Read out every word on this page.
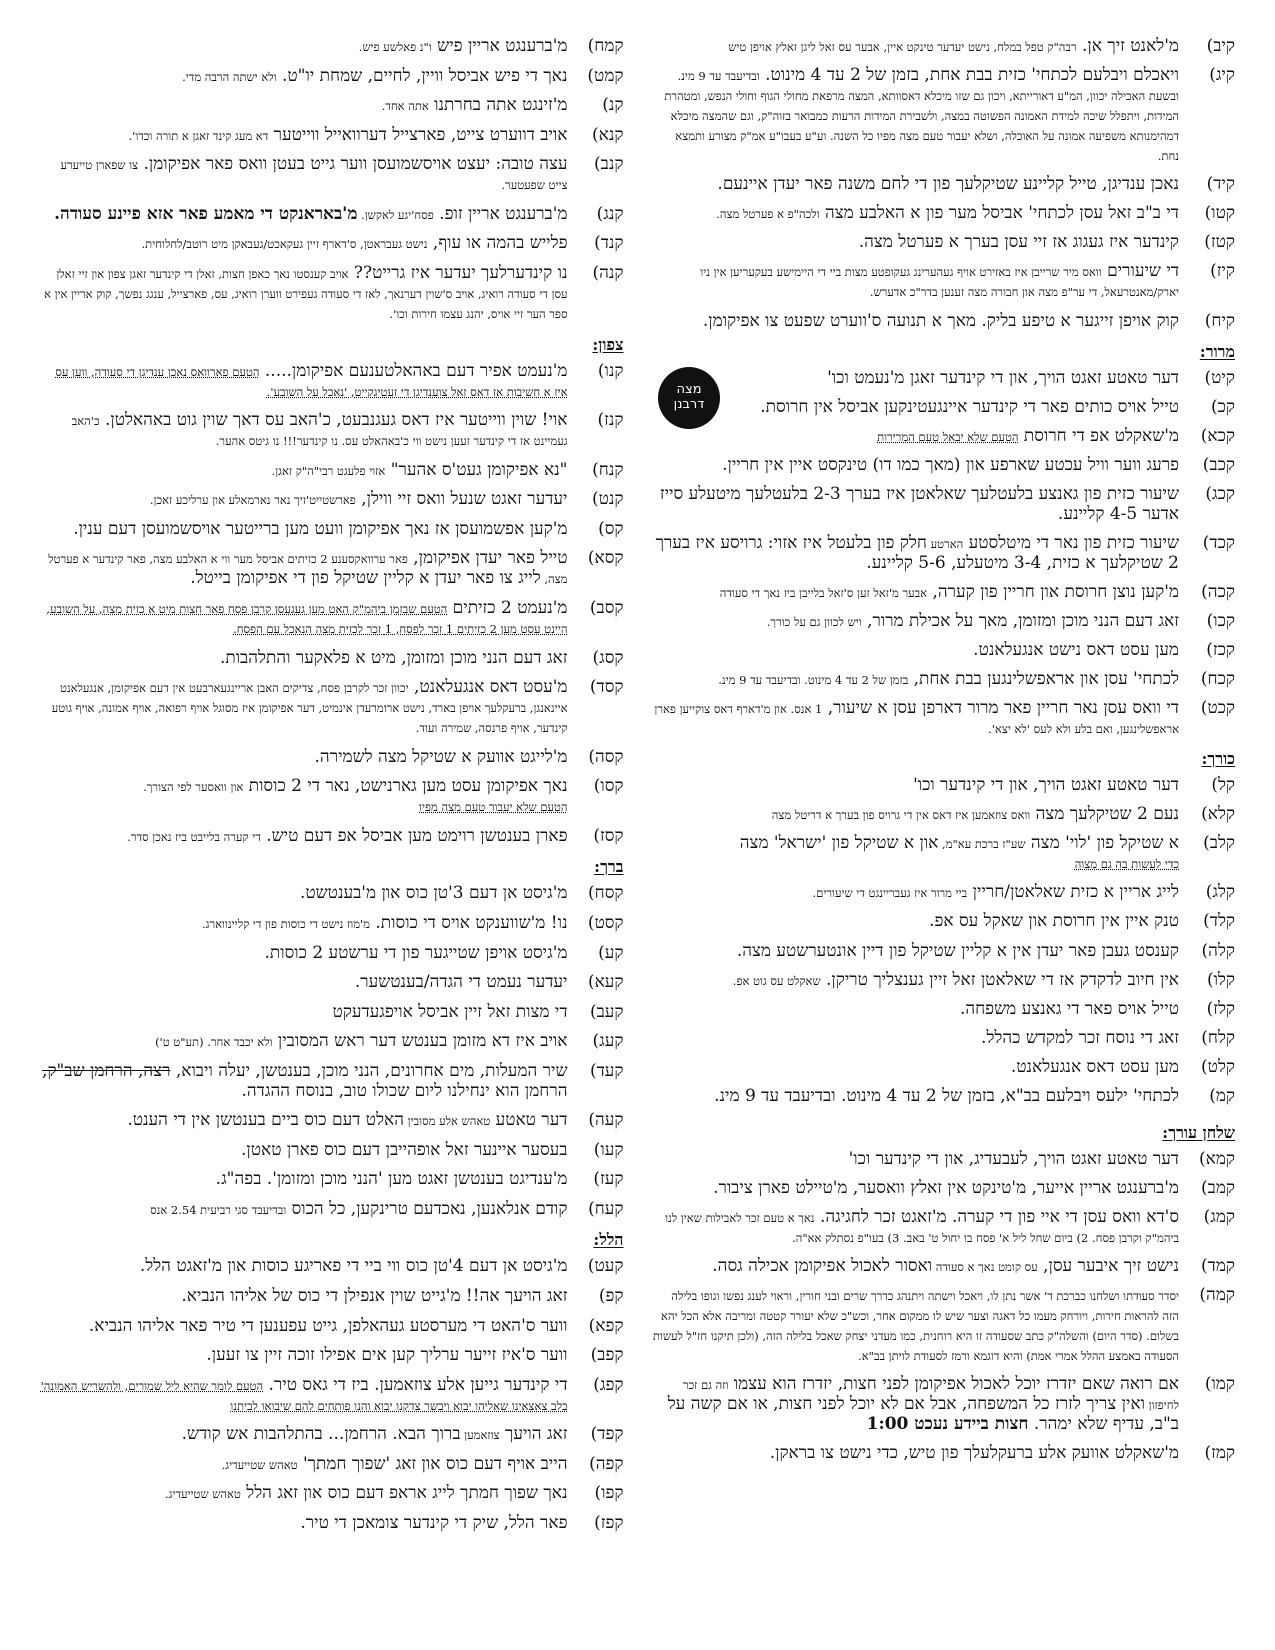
קיב)
מ'לאנט זיך אן. רבה"ק טפל במלח, נישט יעדער טינקט איין, אבער עס זאל ליגן זאלץ אויפן טיש
קיג)
ויאכלם ויבלעם לכתחי' כזית בבת אחת, בזמן של 2 עד 4 מינוט. ובדיעבד עד 9 מינ. ובשעת האכילה יכוון, המ"ע דאורייתא, ויכון גם שזו מיכלא דאסוותא, המצה מרפאת מחולי הגוף וחולי הנפש, ומטהרת המידות, ויתפלל שיכה למידת האמונה הפשוטה במצה, ולשבירת המידות הרעות כמבואר בזוה"ק, וגם שהמצה מיכלא דמהימנותא משפיעה אמונה על האוכלה, ושלא יעבור טעם מצה מפיו כל השנה. וע"ע בעבו"ע אמ"ק מצורע ותמצא נחת.
קיד)
נאכן ענדיגן, טייל קליינע שטיקלעך פון די לחם משנה פאר יעדן איינעם.
קטו)
די ב"ב זאל עסן לכתחי' אביסל מער פון א האלבע מצה ולכה"פ א פערטל מצה.
קטז)
קינדער איז געגוג אז זיי עסן בערך א פערטל מצה.
קיז)
די שיעורים וואס מיר שרייבן איז באזירט אויף געהערינג געקופטע מצות ביי די היימישע בעקעריען אין ניו יארק/מאנטרעאל, די ער"פ מצה און חבורה מצה זענען בדר"כ אדערש.
קיח)
קוק אויפן זייגער א טיפע בליק. מאך א תנועה ס'ווערט שפעט צו אפיקומן.
מרור:
קיט)
דער טאטע זאגט הויך, און די קינדער זאגן מ'נעמט וכו'
קכ)
טייל אויס כותים פאר די קינדער איינגעטינקען אביסל אין חרוסת.
קכא)
מ'שאקלט אפ די חרוסת הטעם שלא יבאל טעם המרירות
קכב)
פרעג ווער וויל עכטע שארפע און (מאך כמו דו) טינקסט איין אין חריין.
קכג)
שיעור כזית פון גאנצע בלעטלעך שאלאטן איז בערך 2-3 בלעטלעך מיטעלע סייז אדער 4-5 קליינע.
קכד)
שיעור כזית פון נאר די מיטלסטע הארטע חלק פון בלעטל איז אזוי: גרויסע איז בערך 2 שטיקלעך א כזית, 3-4 מיטעלע, 5-6 קליינע.
קכה)
מ'קען נוצן חרוסת און חריין פון קערה, אבער מ'זאל זען ס'זאל בלייבן ביז נאך די סעודה
קכו)
זאג דעם הנני מוכן ומזומן, מאך על אכילת מרור, ויש לכוון גם על כורך.
קכז)
מען עסט דאס נישט אנגעלאנט.
קכח)
לכתחי' עסן און אראפשלינגען בבת אחת, בזמן של 2 עד 4 מינוט. ובדיעבד עד 9 מינ.
קכט)
די וואס עסן נאר חריין פאר מרור דארפן עסן א שיעור, 1 אנס. און מ'דארף דאס צוקייען פארן אראפשלינגען, ואם בלע ולא לעס 'לא יצא'.
כורך:
קל)
דער טאטע זאגט הויך, און די קינדער וכו'
קלא)
נעם 2 שטיקלעך מצה וואס צוזאמען איז דאס אין די גרויס פון בערך א דריטל מצה
קלב)
א שטיקל פון 'לוי' מצה שע"ז ברכת עא"מ, און א שטיקל פון 'ישראל' מצה
כדי לעשות בה גם מצוה
קלג)
לייג אריין א כזית שאלאטן/חריין ביי מרור איז געבריינגט די שיעורים.
קלד)
טנק איין אין חרוסת און שאקל עס אפ.
קלה)
קענסט געבן פאר יעדן אין א קליין שטיקל פון דיין אונטערשטע מצה.
קלו)
אין חיוב לדקדק אז די שאלאטן זאל זיין גענצליך טריקן. שאקלט עס גוט אפ.
קלז)
טייל אויס פאר די גאנצע משפחה.
קלח)
זאג די נוסח זכר למקדש כהלל.
קלט)
מען עסט דאס אנגעלאנט.
קמ)
לכתחי' ילעס ויבלעם בב"א, בזמן של 2 עד 4 מינוט. ובדיעבד עד 9 מינ.
שלחן עורך:
קמא)
דער טאטע זאגט הויך, לעבעדיג, און די קינדער וכו'
קמב)
מ'ברענגט אריין אייער, מ'טינקט אין זאלץ וואסער, מ'טיילט פארן ציבור.
קמג)
ס'דא וואס עסן די איי פון די קערה. מ'זאגט זכר לחגיגה. נאך א טעם זכר לאבילות שאין לנו ביהמ"ק וקרבן פסח. 2) ביום שחל ליל א' פסח בו יחול ט' באב. 3) בעו"פ נסתלק אא"ה.
קמד)
נישט זיך איבער עסן, עס קומט נאך א סעודה ואסור לאכול אפיקומן אכילה גסה.
קמה)
יסדר סעודתו ושלחנו כברכת ד' אשר נתן לו, ויאכל וישתה ויתנהג כדרך שרים ובני חורין, וראוי לענג נפשו וגופו בלילה הזה להראות חירות, ויורחק מעמו כל דאגה וצער שיש לו ממקום אחר, וכש"כ שלא יעורר קטטה ומריבה אלא הכל יהא בשלום. (סדר היום) והשלה"ק כתב שסעודה זו היא רוחנית, כמו מעדני יצחק שאכל בלילה הזה, (ולכן תיקנו חז"ל לעשות הסעודה באמצע ההלל אמרי אמת) והיא דוגמא ורמז לסעודת לויתן בב"א.
קמו)
אם רואה שאם יזדרז יוכל לאכול אפיקומן לפני חצות, יזדרז הוא עצמו וזה גם זכר לחיפזון ואין צריך לזרז כל המשפחה, אבל אם לא יוכל לפני חצות, או אם קשה על ב"ב, עדיף שלא ימהר. חצות ביידע נעכט 1:00
קמז)
מ'שאקלט אוועק אלע ברעקלעלך פון טיש, כדי נישט צו בראקן.
קמח)
מ'ברענגט אריין פיש ו"נ פאלשע פיש.
קמט)
נאך די פיש אביסל וויין, לחיים, שמחת יו"ט. ולא ישתה הרבה מדי.
קנ)
מ'זינגט אתה בחרתנו אתה אחד.
קנא)
אויב דווערט צייט, פארצייל דערוואייל ווייטער דא מעג קינד זאגן א תורה וכדו'.
קנב)
עצה טובה: יעצט אויסשמועסן ווער גייט בעטן וואס פאר אפיקומן. צו שפארן טייערע צייט שפעטער.
קנג)
מ'ברענגט אריין זופ. פסח'יגע לאקשן. מ'באראנקט די מאמע פאר אזא פיינע סעודה.
קנד)
פלייש בהמה או עוף, נישט געבראטן, ס'דארף זיין געקאכט/געבאקן מיט רוטב/לחלוחית.
קנה)
נו קינדערלעך יעדער איז גרייט?? אויב קענסטו נאך כאפן חצות, זאלן די קינדער זאגן צפון און זיי זאלן עסן די סעודה רואיג, אויב ס'שוין דערנאך, לאז די סעודה געפירט ווערן רואיג, עס, פארצייל, ענגג נפשך, קוק אריין אין א ספר הער זיי אויס, יהנג עצמו חירות וכו'.
צפון:
קנו)
מ'נעמט אפיר דעם באהאלטענעם אפיקומן..... הטעם פארוואס נאכן ענדיגן די סעודה, ווען עס איז א חשיבות אז דאס זאל צוענדיגן די זעטיגקייט, 'נאכל על השובע'.
קנז)
אוי! שוין ווייטער איז דאס געגנבעט, כ'האב עס דאך שוין גוט באהאלטן. כ'האב געמיינט אז די קינדער זעען נישט ווי כ'באהאלט עס. נו קינדער!!! נו גיטס אהער.
קנח)
"נא אפיקומן געט'ס אהער" אזוי פלעגט רבי"ה"ק זאגן.
קנט)
יעדער זאגט שנעל וואס זיי ווילן, פארשטייט'זיך נאר נארמאלע און ערליכע זאכן.
קס)
מ'קען אפשמועסן אז נאך אפיקומן וועט מען ברייטער אויסשמועסן דעם ענין.
קסא)
טייל פאר יעדן אפיקומן, פאר ערוואקסענע 2 כזיתים אביסל מער ווי א האלבע מצה, פאר קינדער א פערטל מצה, לייג צו פאר יעדן א קליין שטיקל פון די אפיקומן בייטל.
קסב)
מ'נעמט 2 כזיתים הטעם שבזמן ביהמ"ק האט מען געגעסן קרבן פסח פאר חצות מיט א כזית מצה, על השובע, היינט עסט מען 2 כזיתים 1 זכר לפסח, 1 זכר לכזית מצה הנאכל עם הפסח.
קסג)
זאג דעם הנני מוכן ומזומן, מיט א פלאקער והתלהבות.
קסד)
מ'עסט דאס אנגעלאנט, יכוון זכר לקרבן פסח, צדיקים האבן אריינגעארבעט אין דעם אפיקומן, אנגעלאנט איינאנגן, ברעקלעך אויפן בארד, נישט ארומרעדן אינמיט, דער אפיקומן איז מסוגל אויף רפואה, אויף אמונה, אויף גוטע קינדער, אויף פרנסה, שמירה ועוד.
קסה)
מ'לייגט אוועק א שטיקל מצה לשמירה.
קסו)
נאך אפיקומן עסט מען גארנישט, נאר די 2 כוסות און וואסער לפי הצורך.
הטעם שלא יעבור טעם מצה מפיו
קסז)
פארן בענטשן רוימט מען אביסל אפ דעם טיש. די קערה בלייבט ביז נאכן סדר.
ברך:
קסח)
מ'גיסט אן דעם 3'טן כוס און מ'בענטשט.
קסט)
נו! מ'שווענקט אויס די כוסות. מ'מוז נישט די כוסות פון די קליינווארג.
קע)
מ'גיסט אויפן שטייגער פון די ערשטע 2 כוסות.
קעא)
יעדער נעמט די הגדה/בענטשער.
קעב)
די מצות זאל זיין אביסל אויפגעדעקט
קעג)
אויב איז דא מזומן בענטש דער ראש המסובין ולא יכבד אחר. (תע"ט ט')
קעד)
שיר המעלות, מים אחרונים, הנני מוכן, בענטשן, יעלה ויבוא, רצה, הרחמן שב"ק, הרחמן הוא ינחילנו ליום שכולו טוב, בנוסח ההגדה.
קעה)
דער טאטע טאהש אלע מסובין האלט דעם כוס ביים בענטשן אין די הענט.
קעו)
בעסער איינער זאל אופהייבן דעם כוס פארן טאטן.
קעז)
מ'ענדיגט בענטשן זאגט מען 'הנני מוכן ומזומן'. בפה"ג.
קעח)
קודם אנלאנען, נאכדעם טרינקען, כל הכוס ובדיעבד סגי רביעית 2.54 אנס
הלל:
קעט)
מ'גיסט אן דעם 4'טן כוס ווי ביי די פאריגע כוסות און מ'זאגט הלל.
קפ)
זאג הויעך אה!! מ'גייט שוין אנפילן די כוס של אליהו הנביא.
קפא)
ווער ס'האט די מערסטע געהאלפן, גייט עפענען די טיר פאר אליהו הנביא.
קפב)
ווער ס'איז זייער ערליך קען אים אפילו זוכה זיין צו זעען.
קפג)
די קינדער גייען אלע צוזאמען. ביז די גאס טיר. הטעם לומר שהיא ליל שמורים, ולהשריש האמונה' בלב צאצאינו שאליהו יבוא ויבשר צדקנו יבוא והנו פותחים להם שיבואו לביתנו
קפד)
זאג הויעך צוזאמען ברוך הבא. הרחמן... בהתלהבות אש קודש.
קפה)
הייב אויף דעם כוס און זאג 'שפוך חמתך' טאהש שטייעדיג.
קפו)
נאך שפוך חמתך לייג אראפ דעם כוס און זאג הלל טאהש שטייעדיג.
קפז)
פאר הלל, שיק די קינדער צומאכן די טיר.
מצה
דרבנן
